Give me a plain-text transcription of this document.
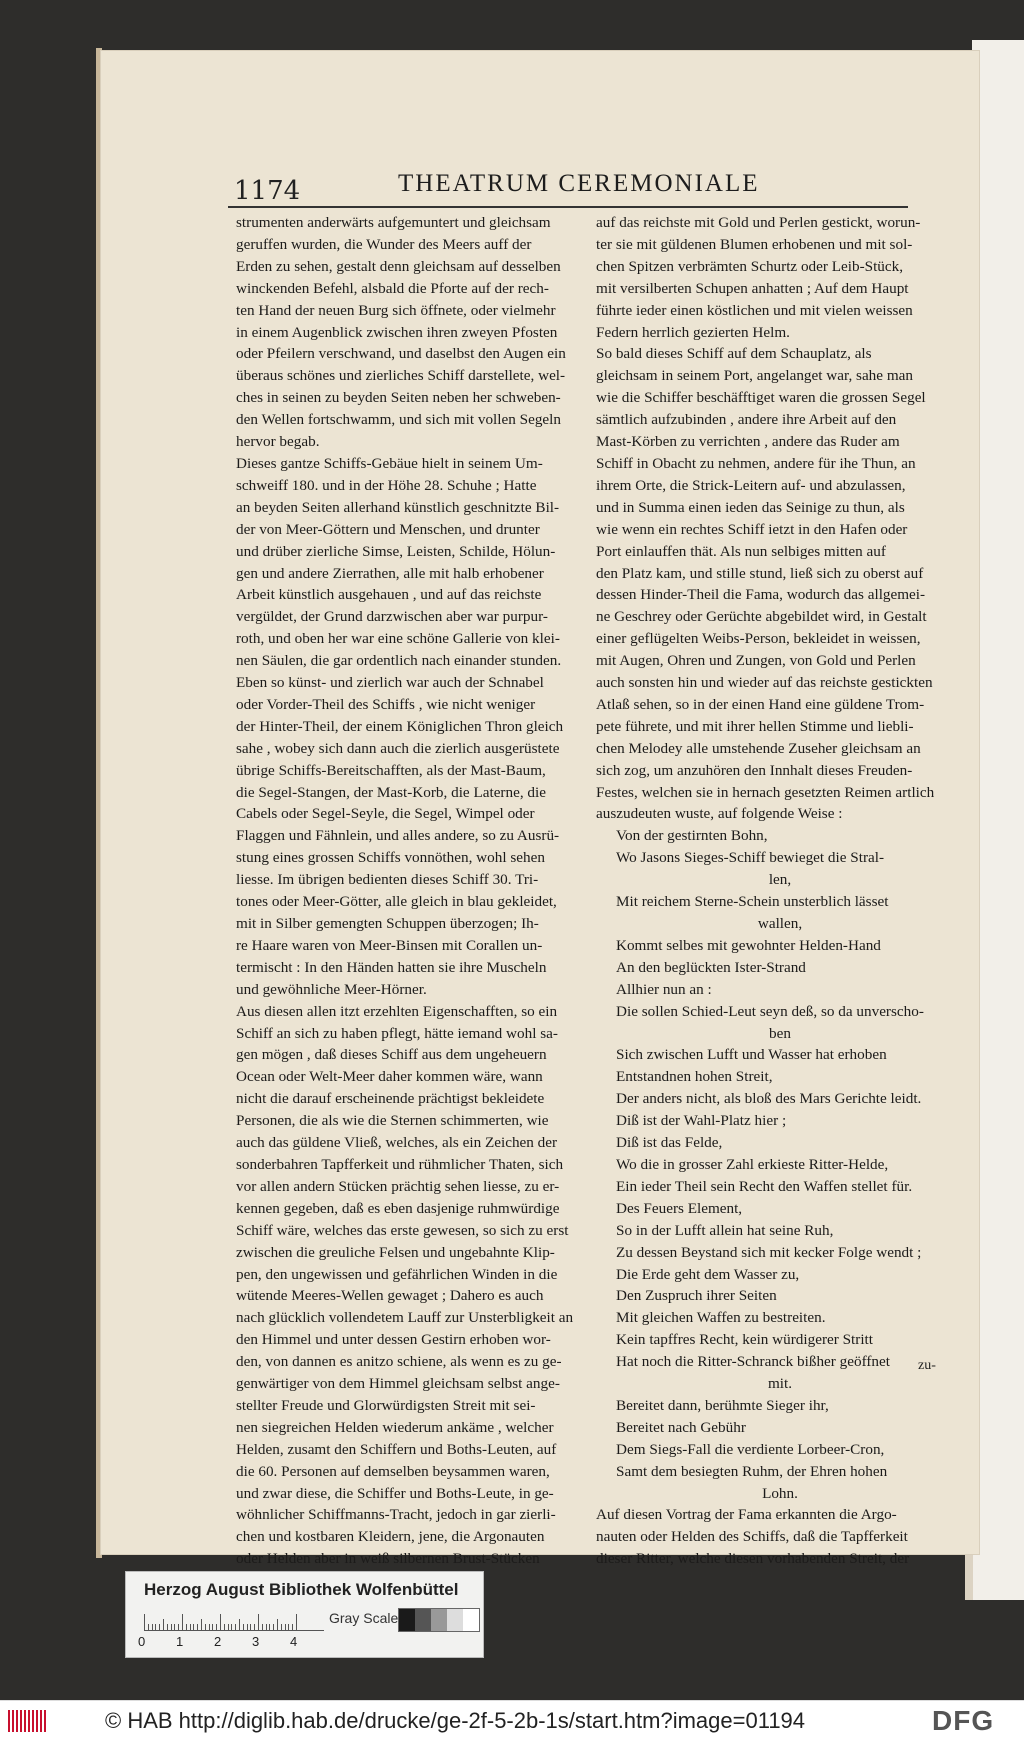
1174	THEATRUM CEREMONIALE
strumenten anderwärts aufgemuntert und gleichsam
geruffen wurden, die Wunder des Meers auff der
Erden zu sehen, gestalt denn gleichsam auf desselben
winckenden Befehl, alsbald die Pforte auf der rech-
ten Hand der neuen Burg sich öffnete, oder vielmehr
in einem Augenblick zwischen ihren zweyen Pfosten
oder Pfeilern verschwand, und daselbst den Augen ein
überaus schönes und zierliches Schiff darstellete, wel-
ches in seinen zu beyden Seiten neben her schweben-
den Wellen fortschwamm, und sich mit vollen Segeln
hervor begab.
Dieses gantze Schiffs-Gebäue hielt in seinem Um-
schweiff 180. und in der Höhe 28. Schuhe ; Hatte
an beyden Seiten allerhand künstlich geschnitzte Bil-
der von Meer-Göttern und Menschen, und drunter
und drüber zierliche Simse, Leisten, Schilde, Hölun-
gen und andere Zierrathen, alle mit halb erhobener
Arbeit künstlich ausgehauen , und auf das reichste
vergüldet, der Grund darzwischen aber war purpur-
roth, und oben her war eine schöne Gallerie von klei-
nen Säulen, die gar ordentlich nach einander stunden.
Eben so künst- und zierlich war auch der Schnabel
oder Vorder-Theil des Schiffs , wie nicht weniger
der Hinter-Theil, der einem Königlichen Thron gleich
sahe , wobey sich dann auch die zierlich ausgerüstete
übrige Schiffs-Bereitschafften, als der Mast-Baum,
die Segel-Stangen, der Mast-Korb, die Laterne, die
Cabels oder Segel-Seyle, die Segel, Wimpel oder
Flaggen und Fähnlein, und alles andere, so zu Ausrü-
stung eines grossen Schiffs vonnöthen, wohl sehen
liesse. Im übrigen bedienten dieses Schiff 30. Tri-
tones oder Meer-Götter, alle gleich in blau gekleidet,
mit in Silber gemengten Schuppen überzogen; Ih-
re Haare waren von Meer-Binsen mit Corallen un-
termischt : In den Händen hatten sie ihre Muscheln
und gewöhnliche Meer-Hörner.
Aus diesen allen itzt erzehlten Eigenschafften, so ein
Schiff an sich zu haben pflegt, hätte iemand wohl sa-
gen mögen , daß dieses Schiff aus dem ungeheuern
Ocean oder Welt-Meer daher kommen wäre, wann
nicht die darauf erscheinende prächtigst bekleidete
Personen, die als wie die Sternen schimmerten, wie
auch das güldene Vließ, welches, als ein Zeichen der
sonderbahren Tapfferkeit und rühmlicher Thaten, sich
vor allen andern Stücken prächtig sehen liesse, zu er-
kennen gegeben, daß es eben dasjenige ruhmwürdige
Schiff wäre, welches das erste gewesen, so sich zu erst
zwischen die greuliche Felsen und ungebahnte Klip-
pen, den ungewissen und gefährlichen Winden in die
wütende Meeres-Wellen gewaget ; Dahero es auch
nach glücklich vollendetem Lauff zur Unsterbligkeit an
den Himmel und unter dessen Gestirn erhoben wor-
den, von dannen es anitzo schiene, als wenn es zu ge-
genwärtiger von dem Himmel gleichsam selbst ange-
stellter Freude und Glorwürdigsten Streit mit sei-
nen siegreichen Helden wiederum ankäme , welcher
Helden, zusamt den Schiffern und Boths-Leuten, auf
die 60. Personen auf demselben beysammen waren,
und zwar diese, die Schiffer und Boths-Leute, in ge-
wöhnlicher Schiffmanns-Tracht, jedoch in gar zierli-
chen und kostbaren Kleidern, jene, die Argonauten
oder Helden aber in weiß silbernen Brust-Stücken
auf das reichste mit Gold und Perlen gestickt, worun-
ter sie mit güldenen Blumen erhobenen und mit sol-
chen Spitzen verbrämten Schurtz oder Leib-Stück,
mit versilberten Schupen anhatten ; Auf dem Haupt
führte ieder einen köstlichen und mit vielen weissen
Federn herrlich gezierten Helm.
So bald dieses Schiff auf dem Schauplatz, als
gleichsam in seinem Port, angelanget war, sahe man
wie die Schiffer beschäfftiget waren die grossen Segel
sämtlich aufzubinden , andere ihre Arbeit auf den
Mast-Körben zu verrichten , andere das Ruder am
Schiff in Obacht zu nehmen, andere für ihe Thun, an
ihrem Orte, die Strick-Leitern auf- und abzulassen,
und in Summa einen ieden das Seinige zu thun, als
wie wenn ein rechtes Schiff ietzt in den Hafen oder
Port einlauffen thät. Als nun selbiges mitten auf
den Platz kam, und stille stund, ließ sich zu oberst auf
dessen Hinder-Theil die Fama, wodurch das allgemei-
ne Geschrey oder Gerüchte abgebildet wird, in Gestalt
einer geflügelten Weibs-Person, bekleidet in weissen,
mit Augen, Ohren und Zungen, von Gold und Perlen
auch sonsten hin und wieder auf das reichste gestickten
Atlaß sehen, so in der einen Hand eine güldene Trom-
pete führete, und mit ihrer hellen Stimme und liebli-
chen Melodey alle umstehende Zuseher gleichsam an
sich zog, um anzuhören den Innhalt dieses Freuden-
Festes, welchen sie in hernach gesetzten Reimen artlich
auszudeuten wuste, auf folgende Weise :
Von der gestirnten Bohn,
Wo Jasons Sieges-Schiff bewieget die Stral-
len,
Mit reichem Sterne-Schein unsterblich lässet
wallen,
Kommt selbes mit gewohnter Helden-Hand
An den beglückten Ister-Strand
Allhier nun an :
Die sollen Schied-Leut seyn deß, so da unverscho-
ben
Sich zwischen Lufft und Wasser hat erhoben
Entstandnen hohen Streit,
Der anders nicht, als bloß des Mars Gerichte leidt.
Diß ist der Wahl-Platz hier ;
Diß ist das Felde,
Wo die in grosser Zahl erkieste Ritter-Helde,
Ein ieder Theil sein Recht den Waffen stellet für.
Des Feuers Element,
So in der Lufft allein hat seine Ruh,
Zu dessen Beystand sich mit kecker Folge wendt ;
Die Erde geht dem Wasser zu,
Den Zuspruch ihrer Seiten
Mit gleichen Waffen zu bestreiten.
Kein tapffres Recht, kein würdigerer Stritt
Hat noch die Ritter-Schranck bißher geöffnet
mit.
Bereitet dann, berühmte Sieger ihr,
Bereitet nach Gebühr
Dem Siegs-Fall die verdiente Lorbeer-Cron,
Samt dem besiegten Ruhm, der Ehren hohen
Lohn.
Auf diesen Vortrag der Fama erkannten die Argo-
nauten oder Helden des Schiffs, daß die Tapfferkeit
dieser Ritter, welche diesen vorhabenden Streit, der
zu-
Herzog August Bibliothek Wolfenbüttel
0 1 2 3 4
Gray Scale
© HAB http://diglib.hab.de/drucke/ge-2f-5-2b-1s/start.htm?image=01194	DFG
